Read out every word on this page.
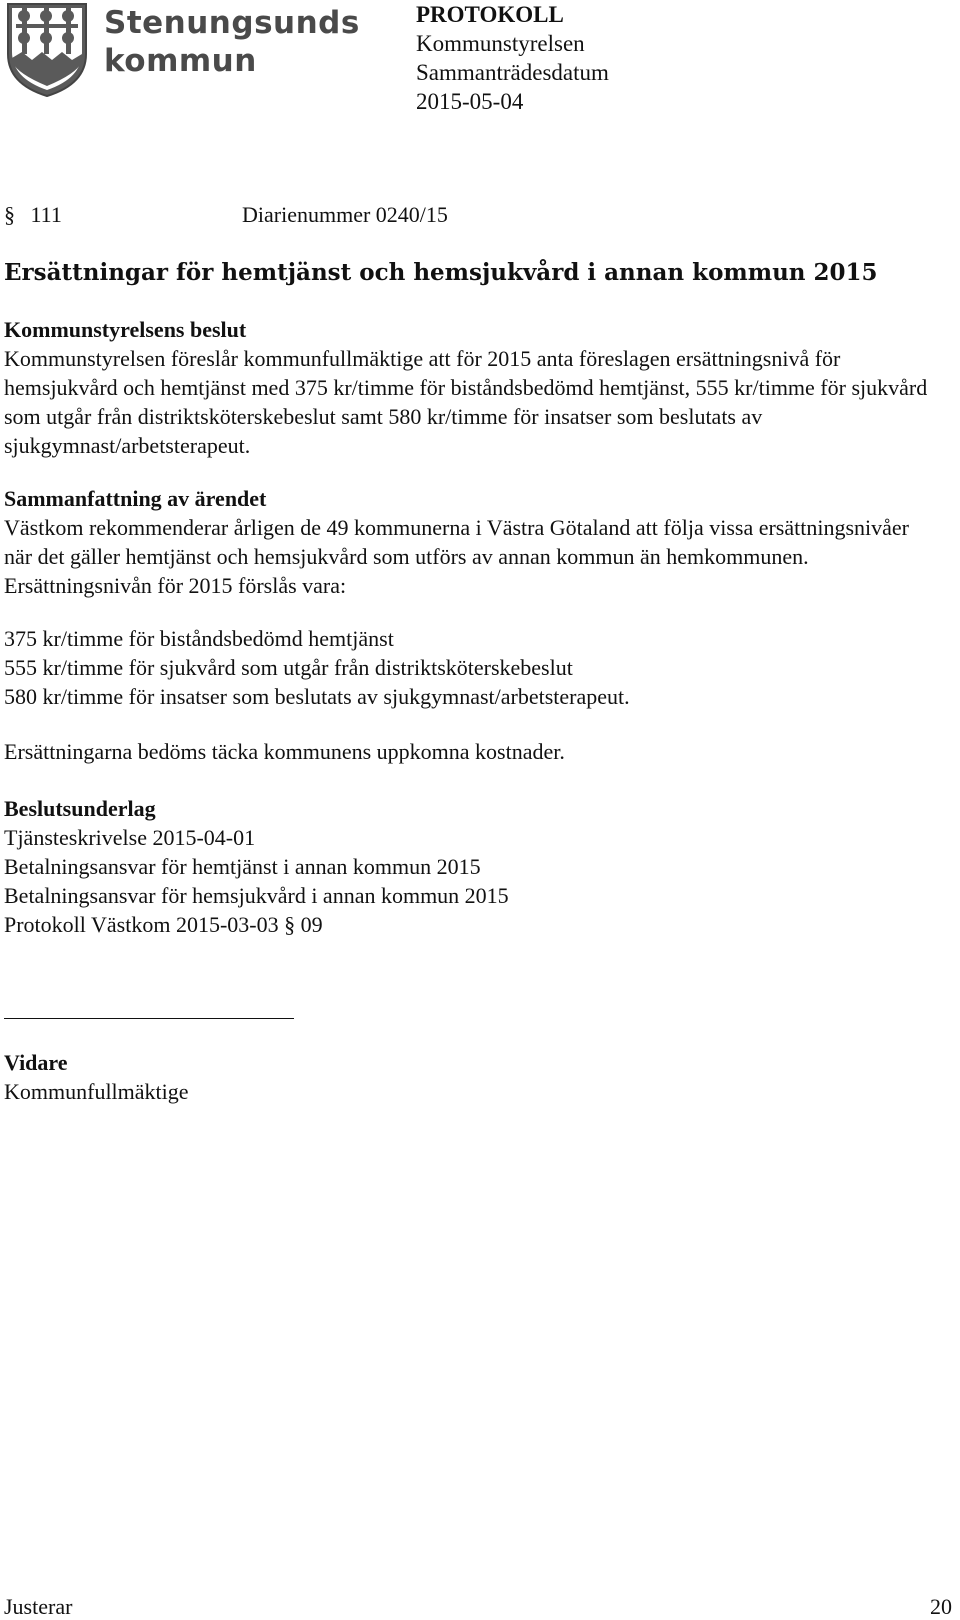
Stenungsunds
kommun
PROTOKOLL
Kommunstyrelsen
Sammanträdesdatum
2015-05-04
§ 111	Diarienummer 0240/15
Ersättningar för hemtjänst och hemsjukvård i annan kommun 2015
Kommunstyrelsens beslut
Kommunstyrelsen föreslår kommunfullmäktige att för 2015 anta föreslagen ersättningsnivå för hemsjukvård och hemtjänst med 375 kr/timme för biståndsbedömd hemtjänst, 555 kr/timme för sjukvård som utgår från distriktsköterskebeslut samt 580 kr/timme för insatser som beslutats av sjukgymnast/arbetsterapeut.
Sammanfattning av ärendet
Västkom rekommenderar årligen de 49 kommunerna i Västra Götaland att följa vissa ersättningsnivåer när det gäller hemtjänst och hemsjukvård som utförs av annan kommun än hemkommunen. Ersättningsnivån för 2015 förslås vara:
375 kr/timme för biståndsbedömd hemtjänst
555 kr/timme för sjukvård som utgår från distriktsköterskebeslut
580 kr/timme för insatser som beslutats av sjukgymnast/arbetsterapeut.
Ersättningarna bedöms täcka kommunens uppkomna kostnader.
Beslutsunderlag
Tjänsteskrivelse 2015-04-01
Betalningsansvar för hemtjänst i annan kommun 2015
Betalningsansvar för hemsjukvård i annan kommun 2015
Protokoll Västkom 2015-03-03 § 09
Vidare
Kommunfullmäktige
Justerar	20
